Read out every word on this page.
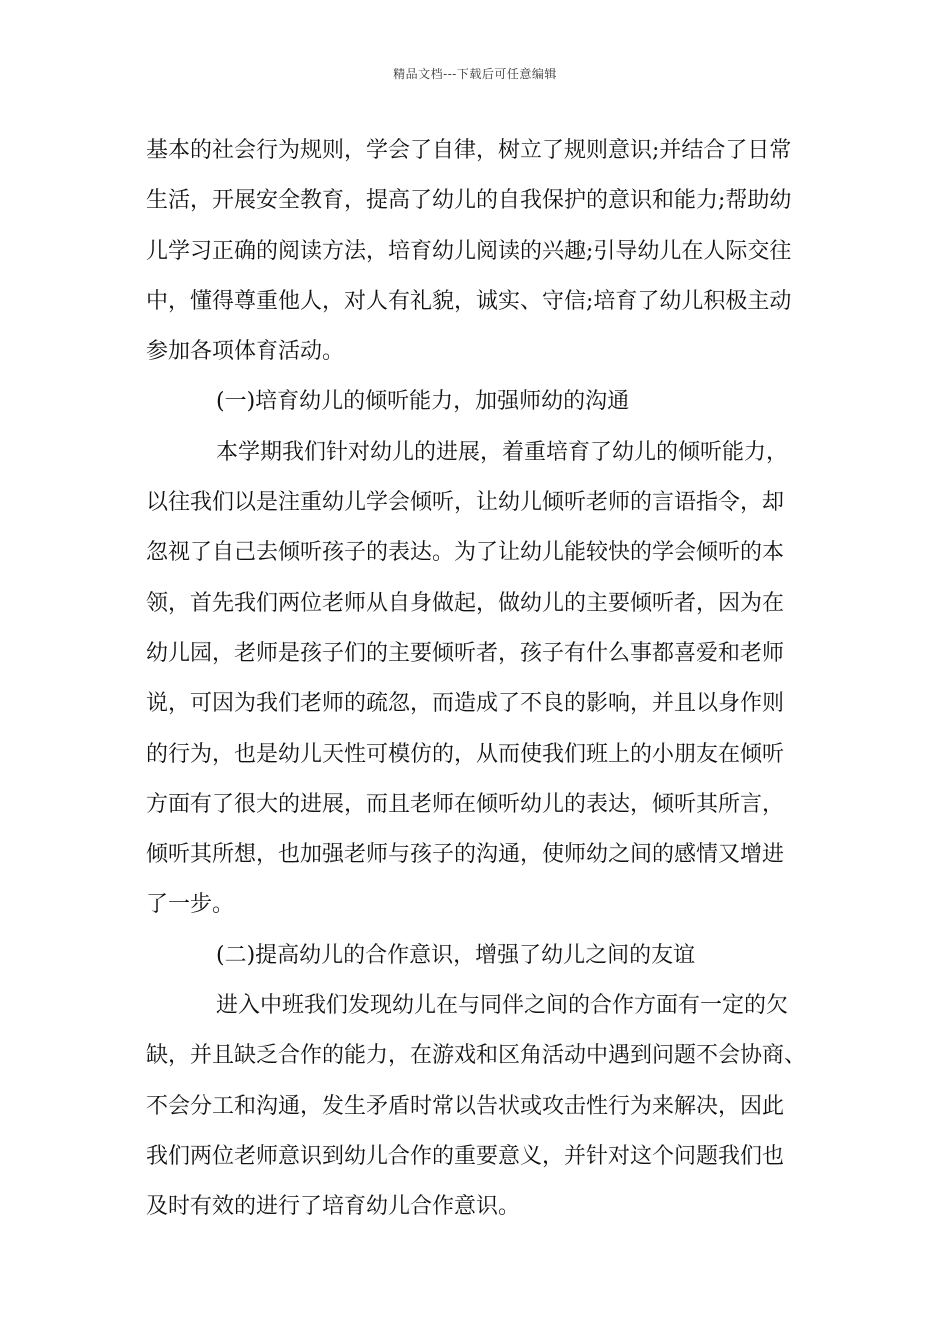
精品文档---下载后可任意编辑
基本的社会行为规则，学会了自律，树立了规则意识;并结合了日常
生活，开展安全教育，提高了幼儿的自我保护的意识和能力;帮助幼
儿学习正确的阅读方法，培育幼儿阅读的兴趣;引导幼儿在人际交往
中，懂得尊重他人，对人有礼貌，诚实、守信;培育了幼儿积极主动
参加各项体育活动。
(一)培育幼儿的倾听能力，加强师幼的沟通
本学期我们针对幼儿的进展，着重培育了幼儿的倾听能力，
以往我们以是注重幼儿学会倾听，让幼儿倾听老师的言语指令，却
忽视了自己去倾听孩子的表达。为了让幼儿能较快的学会倾听的本
领，首先我们两位老师从自身做起，做幼儿的主要倾听者，因为在
幼儿园，老师是孩子们的主要倾听者，孩子有什么事都喜爱和老师
说，可因为我们老师的疏忽，而造成了不良的影响，并且以身作则
的行为，也是幼儿天性可模仿的，从而使我们班上的小朋友在倾听
方面有了很大的进展，而且老师在倾听幼儿的表达，倾听其所言，
倾听其所想，也加强老师与孩子的沟通，使师幼之间的感情又增进
了一步。
(二)提高幼儿的合作意识，增强了幼儿之间的友谊
进入中班我们发现幼儿在与同伴之间的合作方面有一定的欠
缺，并且缺乏合作的能力，在游戏和区角活动中遇到问题不会协商、
不会分工和沟通，发生矛盾时常以告状或攻击性行为来解决，因此
我们两位老师意识到幼儿合作的重要意义，并针对这个问题我们也
及时有效的进行了培育幼儿合作意识。
